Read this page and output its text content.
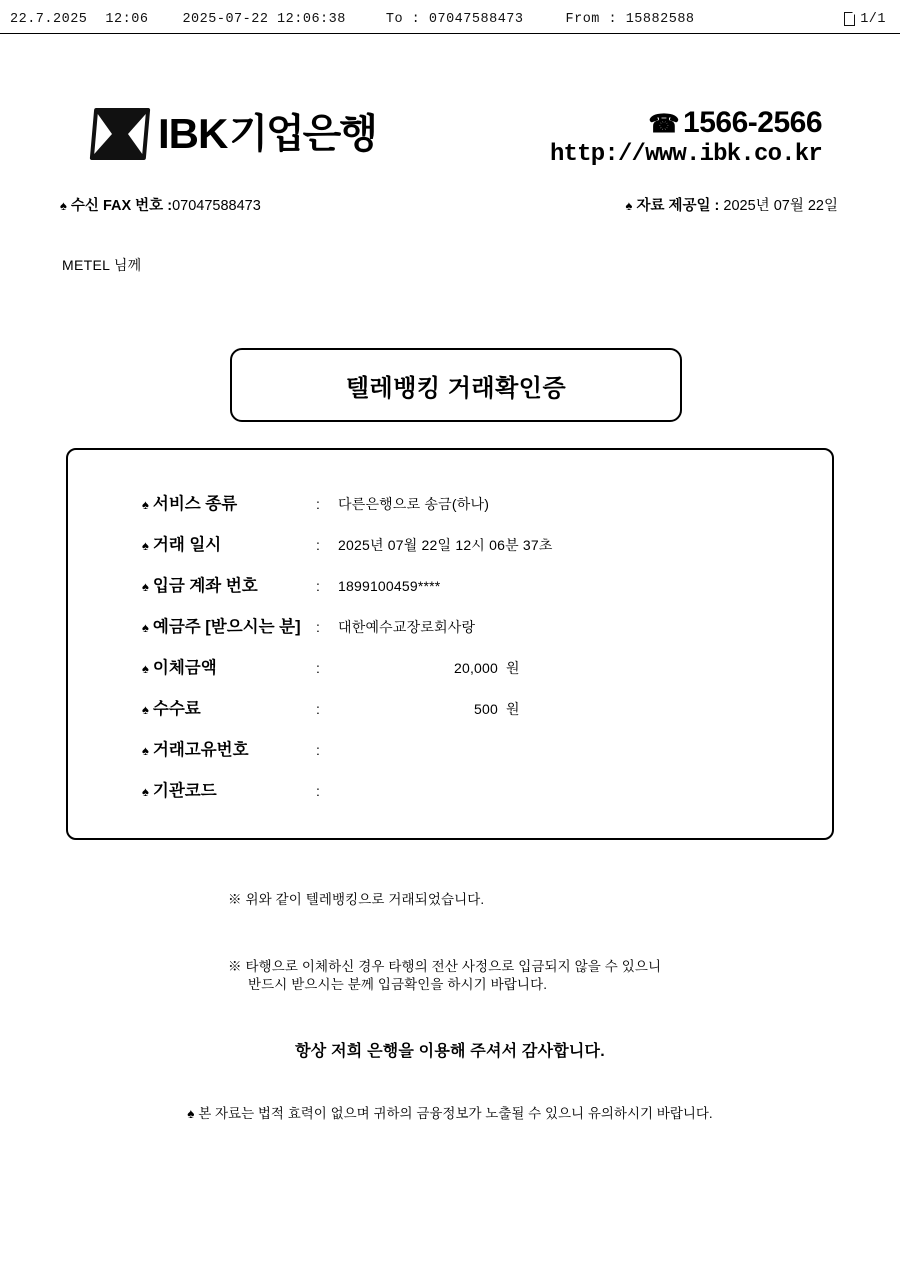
22.7.2025 12:06	2025-07-22 12:06:38	To : 07047588473	From : 15882588	1/1
IBK 기업은행	☎ 1566-2566
http://www.ibk.co.kr
♠ 수신 FAX 번호 :07047588473	♠ 자료 제공일 : 2025년 07월 22일
METEL 님께
텔레뱅킹 거래확인증
♠ 서비스 종류	:	다른은행으로 송금(하나)
♠ 거래 일시	:	2025년 07월 22일 12시 06분 37초
♠ 입금 계좌 번호	:	1899100459****
♠ 예금주 [받으시는 분]	:	대한예수교장로회사랑
♠ 이체금액	:	20,000 원
♠ 수수료	:	500 원
♠ 거래고유번호	:
♠ 기관코드	:
※ 위와 같이 텔레뱅킹으로 거래되었습니다.
※ 타행으로 이체하신 경우 타행의 전산 사정으로 입금되지 않을 수 있으니
반드시 받으시는 분께 입금확인을 하시기 바랍니다.
항상 저희 은행을 이용해 주셔서 감사합니다.
♠ 본 자료는 법적 효력이 없으며 귀하의 금융정보가 노출될 수 있으니 유의하시기 바랍니다.
